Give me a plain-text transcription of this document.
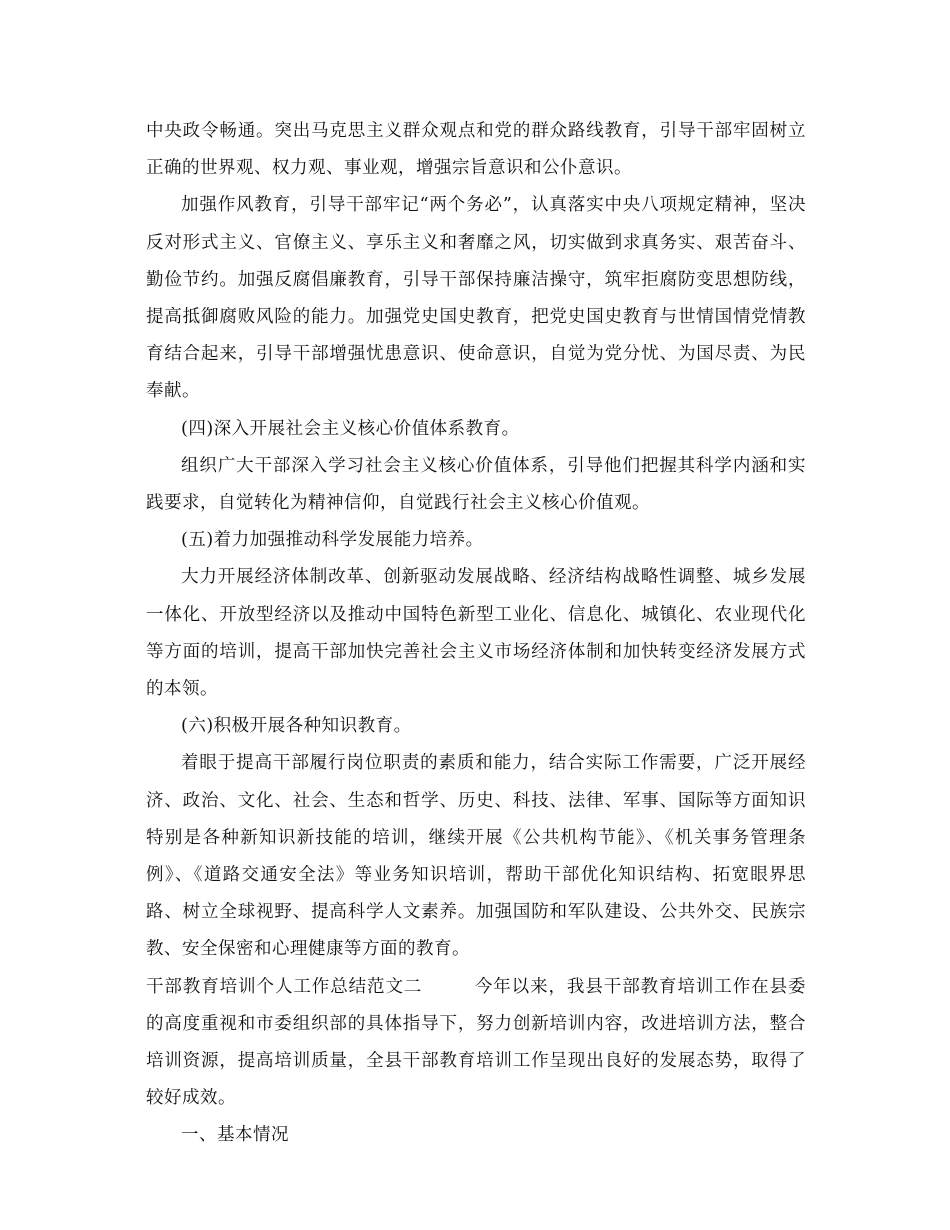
中央政令畅通。突出马克思主义群众观点和党的群众路线教育，引导干部牢固树立正确的世界观、权力观、事业观，增强宗旨意识和公仆意识。

加强作风教育，引导干部牢记“两个务必”，认真落实中央八项规定精神，坚决反对形式主义、官僚主义、享乐主义和奢靡之风，切实做到求真务实、艰苦奋斗、勤俭节约。加强反腐倡廉教育，引导干部保持廉洁操守，筑牢拒腐防变思想防线，提高抵御腐败风险的能力。加强党史国史教育，把党史国史教育与世情国情党情教育结合起来，引导干部增强忧患意识、使命意识，自觉为党分忧、为国尽责、为民奉献。

(四)深入开展社会主义核心价值体系教育。

组织广大干部深入学习社会主义核心价值体系，引导他们把握其科学内涵和实践要求，自觉转化为精神信仰，自觉践行社会主义核心价值观。

(五)着力加强推动科学发展能力培养。

大力开展经济体制改革、创新驱动发展战略、经济结构战略性调整、城乡发展一体化、开放型经济以及推动中国特色新型工业化、信息化、城镇化、农业现代化等方面的培训，提高干部加快完善社会主义市场经济体制和加快转变经济发展方式的本领。

(六)积极开展各种知识教育。

着眼于提高干部履行岗位职责的素质和能力，结合实际工作需要，广泛开展经济、政治、文化、社会、生态和哲学、历史、科技、法律、军事、国际等方面知识特别是各种新知识新技能的培训，继续开展《公共机构节能》、《机关事务管理条例》、《道路交通安全法》等业务知识培训，帮助干部优化知识结构、拓宽眼界思路、树立全球视野、提高科学人文素养。加强国防和军队建设、公共外交、民族宗教、安全保密和心理健康等方面的教育。

干部教育培训个人工作总结范文二	今年以来，我县干部教育培训工作在县委的高度重视和市委组织部的具体指导下，努力创新培训内容，改进培训方法，整合培训资源，提高培训质量，全县干部教育培训工作呈现出良好的发展态势，取得了较好成效。

一、基本情况
